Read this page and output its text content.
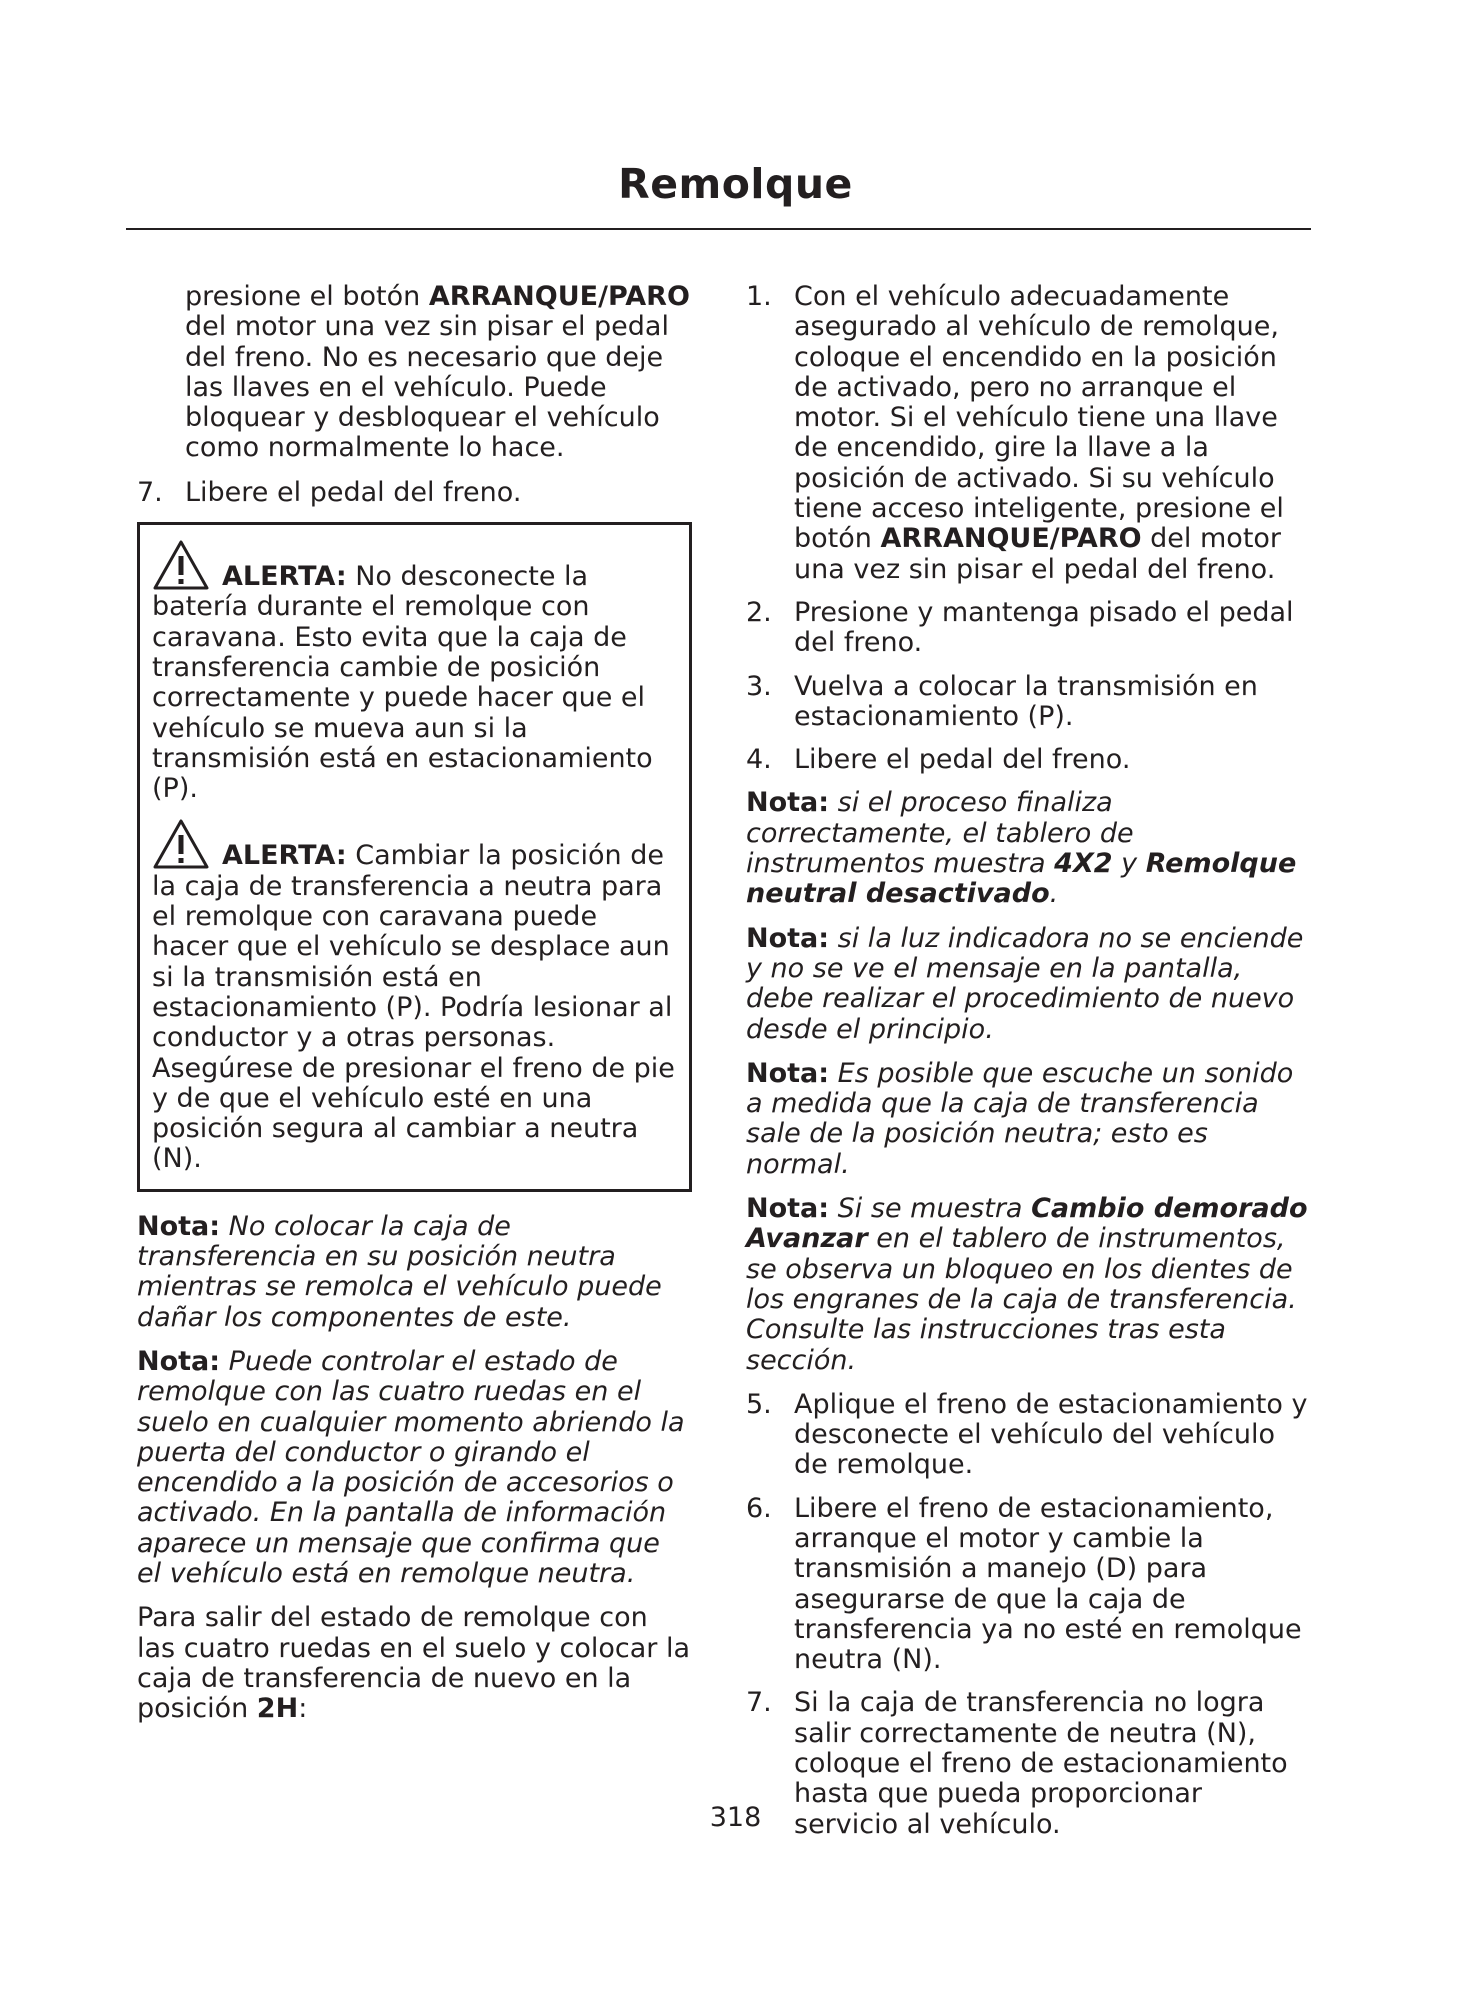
Remolque

presione el botón ARRANQUE/PARO del motor una vez sin pisar el pedal del freno. No es necesario que deje las llaves en el vehículo. Puede bloquear y desbloquear el vehículo como normalmente lo hace.

7. Libere el pedal del freno.
ALERTA: No desconecte la batería durante el remolque con caravana. Esto evita que la caja de transferencia cambie de posición correctamente y puede hacer que el vehículo se mueva aun si la transmisión está en estacionamiento (P).
ALERTA: Cambiar la posición de la caja de transferencia a neutra para el remolque con caravana puede hacer que el vehículo se desplace aun si la transmisión está en estacionamiento (P). Podría lesionar al conductor y a otras personas. Asegúrese de presionar el freno de pie y de que el vehículo esté en una posición segura al cambiar a neutra (N).

Nota: No colocar la caja de transferencia en su posición neutra mientras se remolca el vehículo puede dañar los componentes de este.

Nota: Puede controlar el estado de remolque con las cuatro ruedas en el suelo en cualquier momento abriendo la puerta del conductor o girando el encendido a la posición de accesorios o activado. En la pantalla de información aparece un mensaje que confirma que el vehículo está en remolque neutra.

Para salir del estado de remolque con las cuatro ruedas en el suelo y colocar la caja de transferencia de nuevo en la posición 2H:

1. Con el vehículo adecuadamente asegurado al vehículo de remolque, coloque el encendido en la posición de activado, pero no arranque el motor. Si el vehículo tiene una llave de encendido, gire la llave a la posición de activado. Si su vehículo tiene acceso inteligente, presione el botón ARRANQUE/PARO del motor una vez sin pisar el pedal del freno.
2. Presione y mantenga pisado el pedal del freno.
3. Vuelva a colocar la transmisión en estacionamiento (P).
4. Libere el pedal del freno.

Nota: si el proceso finaliza correctamente, el tablero de instrumentos muestra 4X2 y Remolque neutral desactivado.

Nota: si la luz indicadora no se enciende y no se ve el mensaje en la pantalla, debe realizar el procedimiento de nuevo desde el principio.

Nota: Es posible que escuche un sonido a medida que la caja de transferencia sale de la posición neutra; esto es normal.

Nota: Si se muestra Cambio demorado Avanzar en el tablero de instrumentos, se observa un bloqueo en los dientes de los engranes de la caja de transferencia. Consulte las instrucciones tras esta sección.

5. Aplique el freno de estacionamiento y desconecte el vehículo del vehículo de remolque.
6. Libere el freno de estacionamiento, arranque el motor y cambie la transmisión a manejo (D) para asegurarse de que la caja de transferencia ya no esté en remolque neutra (N).
7. Si la caja de transferencia no logra salir correctamente de neutra (N), coloque el freno de estacionamiento hasta que pueda proporcionar servicio al vehículo.
318
